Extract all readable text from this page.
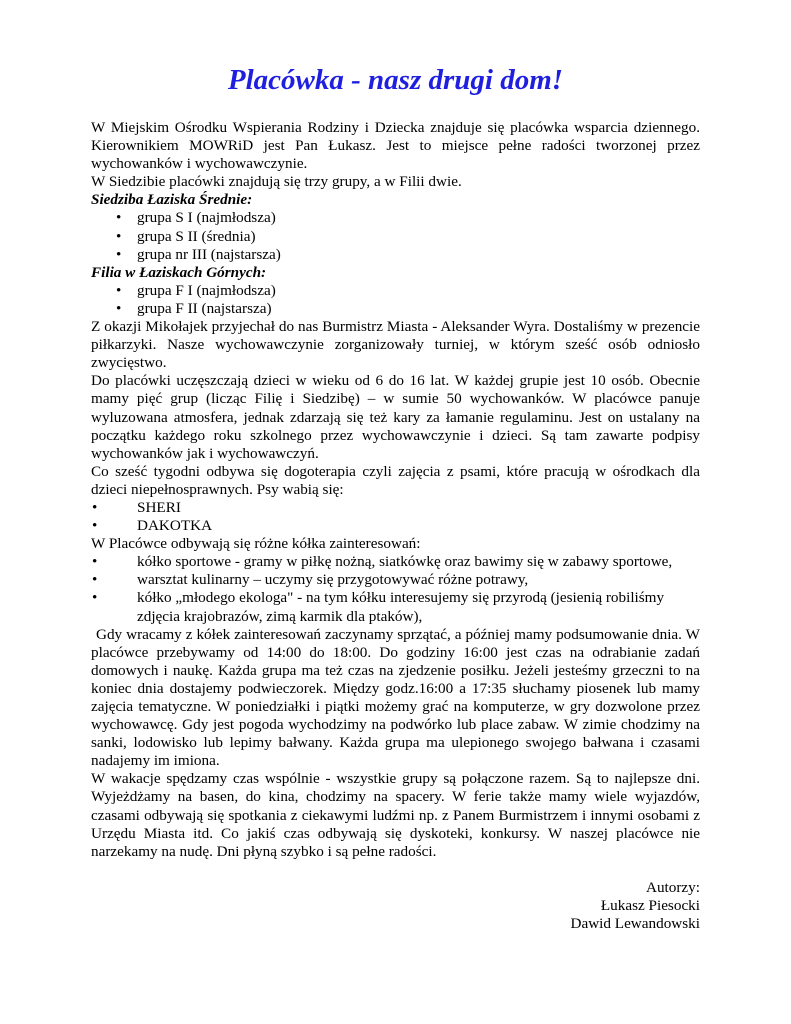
Placówka - nasz drugi dom!

W Miejskim Ośrodku Wspierania Rodziny i Dziecka znajduje się placówka wsparcia dziennego. Kierownikiem MOWRiD jest Pan Łukasz. Jest to miejsce pełne radości tworzonej przez wychowanków i wychowawczynie.

W Siedzibie placówki znajdują się trzy grupy, a w Filii dwie.

Siedziba Łaziska Średnie:
• grupa S I (najmłodsza)
• grupa S II (średnia)
• grupa nr III (najstarsza)
Filia w Łaziskach Górnych:
• grupa F I (najmłodsza)
• grupa F II (najstarsza)

Z okazji Mikołajek przyjechał do nas Burmistrz Miasta - Aleksander Wyra. Dostaliśmy w prezencie piłkarzyki. Nasze wychowawczynie zorganizowały turniej, w którym sześć osób odniosło zwycięstwo.

Do placówki uczęszczają dzieci w wieku od 6 do 16 lat. W każdej grupie jest 10 osób. Obecnie mamy pięć grup (licząc Filię i Siedzibę) – w sumie 50 wychowanków. W placówce panuje wyluzowana atmosfera, jednak zdarzają się też kary za łamanie regulaminu. Jest on ustalany na początku każdego roku szkolnego przez wychowawczynie i dzieci. Są tam zawarte podpisy wychowanków jak i wychowawczyń.

Co sześć tygodni odbywa się dogoterapia czyli zajęcia z psami, które pracują w ośrodkach dla dzieci niepełnosprawnych. Psy wabią się:

• SHERI
• DAKOTKA

W Placówce odbywają się różne kółka zainteresowań:

• kółko sportowe - gramy w piłkę nożną, siatkówkę oraz bawimy się w zabawy sportowe,
• warsztat kulinarny – uczymy się przygotowywać różne potrawy,
• kółko „młodego ekologa" - na tym kółku interesujemy się przyrodą (jesienią robiliśmy zdjęcia krajobrazów, zimą karmik dla ptaków),

Gdy wracamy z kółek zainteresowań zaczynamy sprzątać, a później mamy podsumowanie dnia. W placówce przebywamy od 14:00 do 18:00. Do godziny 16:00 jest czas na odrabianie zadań domowych i naukę. Każda grupa ma też czas na zjedzenie posiłku. Jeżeli jesteśmy grzeczni to na koniec dnia dostajemy podwieczorek. Między godz.16:00 a 17:35 słuchamy piosenek lub mamy zajęcia tematyczne. W poniedziałki i piątki możemy grać na komputerze, w gry dozwolone przez wychowawcę. Gdy jest pogoda wychodzimy na podwórko lub place zabaw. W zimie chodzimy na sanki, lodowisko lub lepimy bałwany. Każda grupa ma ulepionego swojego bałwana i czasami nadajemy im imiona.

W wakacje spędzamy czas wspólnie - wszystkie grupy są połączone razem. Są to najlepsze dni. Wyjeżdżamy na basen, do kina, chodzimy na spacery. W ferie także mamy wiele wyjazdów, czasami odbywają się spotkania z ciekawymi ludźmi np. z Panem Burmistrzem i innymi osobami z Urzędu Miasta itd. Co jakiś czas odbywają się dyskoteki, konkursy. W naszej placówce nie narzekamy na nudę. Dni płyną szybko i są pełne radości.

Autorzy:
Łukasz Piesocki
Dawid Lewandowski
